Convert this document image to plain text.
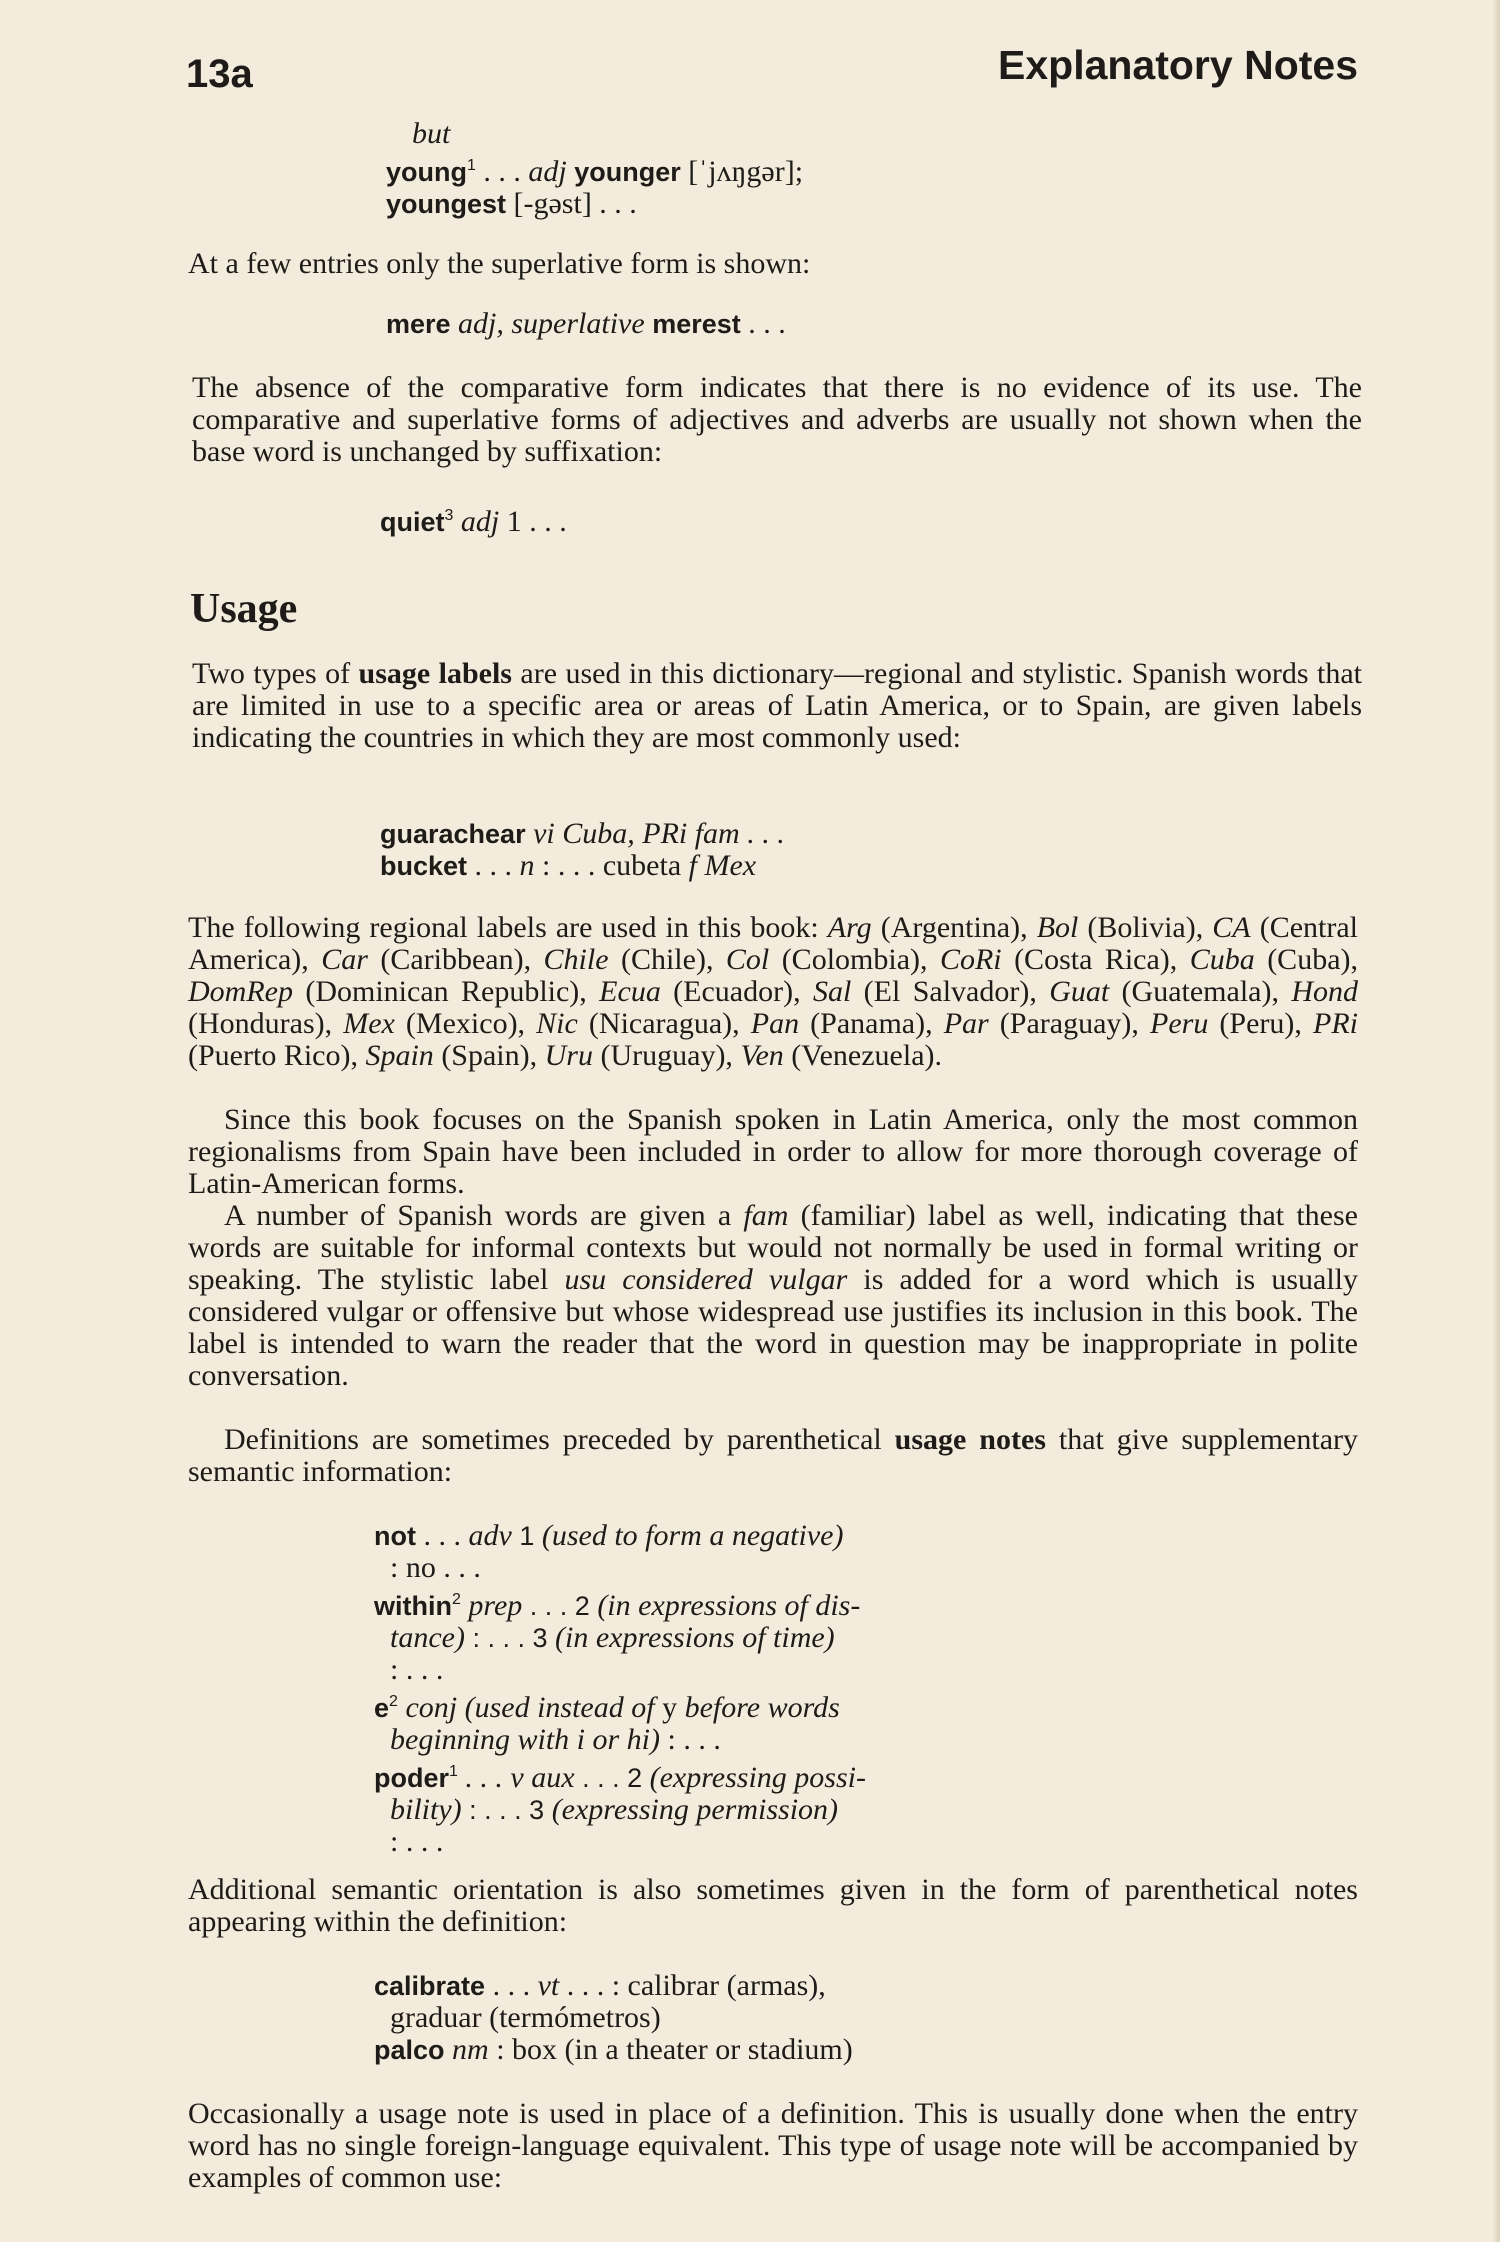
13a	Explanatory Notes
but
young$^1$ . . . adj younger [ˈjʌŋgər];
youngest [-gəst] . . .
At a few entries only the superlative form is shown:
mere adj, superlative merest . . .
The absence of the comparative form indicates that there is no evidence of its use. The comparative and superlative forms of adjectives and adverbs are usually not shown when the base word is unchanged by suffixation:
quiet$^3$ adj 1 . . .
Usage
Two types of usage labels are used in this dictionary—regional and stylistic. Spanish words that are limited in use to a specific area or areas of Latin America, or to Spain, are given labels indicating the countries in which they are most commonly used:
guarachear vi Cuba, PRi fam . . .
bucket . . . n : . . . cubeta f Mex
The following regional labels are used in this book: Arg (Argentina), Bol (Bolivia), CA (Central America), Car (Caribbean), Chile (Chile), Col (Colombia), CoRi (Costa Rica), Cuba (Cuba), DomRep (Dominican Republic), Ecua (Ecuador), Sal (El Salvador), Guat (Guatemala), Hond (Honduras), Mex (Mexico), Nic (Nicaragua), Pan (Panama), Par (Paraguay), Peru (Peru), PRi (Puerto Rico), Spain (Spain), Uru (Uruguay), Ven (Venezuela).
Since this book focuses on the Spanish spoken in Latin America, only the most common regionalisms from Spain have been included in order to allow for more thorough coverage of Latin-American forms.
A number of Spanish words are given a fam (familiar) label as well, indicating that these words are suitable for informal contexts but would not normally be used in formal writing or speaking. The stylistic label usu considered vulgar is added for a word which is usually considered vulgar or offensive but whose widespread use justifies its inclusion in this book. The label is intended to warn the reader that the word in question may be inappropriate in polite conversation.
Definitions are sometimes preceded by parenthetical usage notes that give supplementary semantic information:
not . . . adv 1 (used to form a negative)
: no . . .
within$^2$ prep . . . 2 (in expressions of dis-
tance) : . . . 3 (in expressions of time)
: . . .
$e^2$ conj (used instead of y before words
beginning with i or hi) : . . .
poder$^1$ . . . v aux . . . 2 (expressing possi-
bility) : . . . 3 (expressing permission)
: . . .
Additional semantic orientation is also sometimes given in the form of parenthetical notes appearing within the definition:
calibrate . . . vt . . . : calibrar (armas),
graduar (termómetros)
palco nm : box (in a theater or stadium)
Occasionally a usage note is used in place of a definition. This is usually done when the entry word has no single foreign-language equivalent. This type of usage note will be accompanied by examples of common use:
